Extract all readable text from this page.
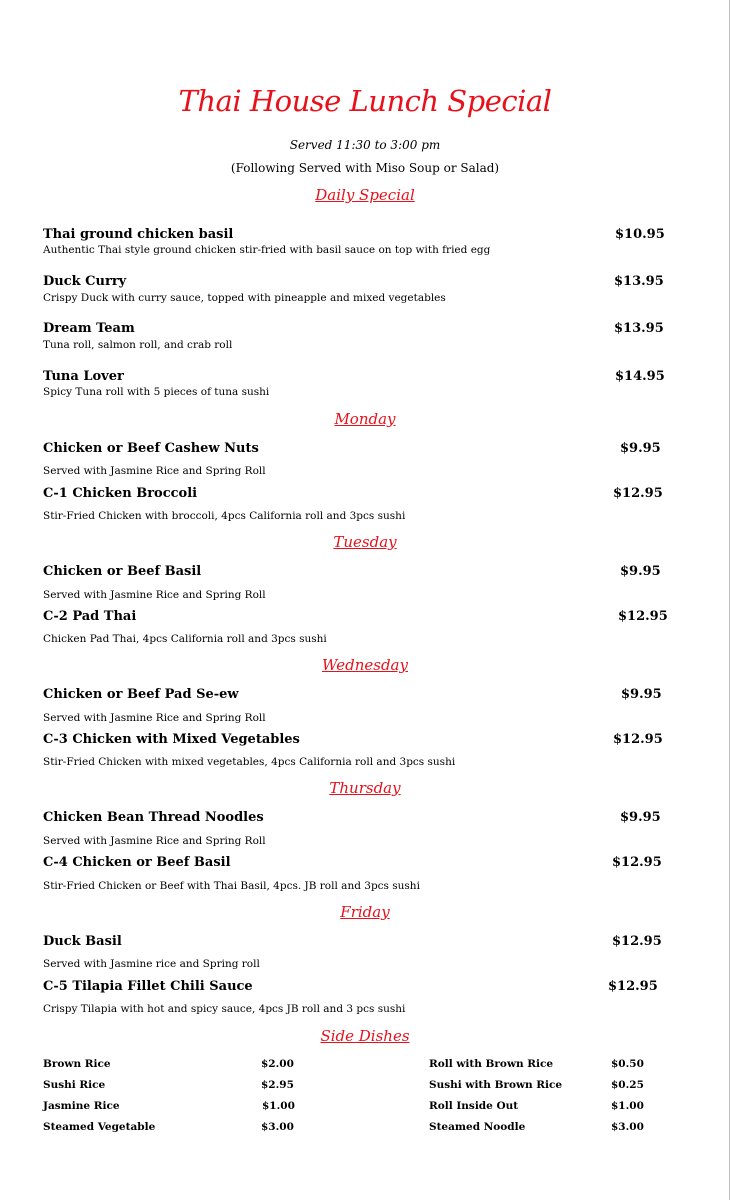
Thai House Lunch Special
Served 11:30 to 3:00 pm
(Following Served with Miso Soup or Salad)
Daily Special
Thai ground chicken basil	$10.95
Authentic Thai style ground chicken stir-fried with basil sauce on top with fried egg
Duck Curry	$13.95
Crispy Duck with curry sauce, topped with pineapple and mixed vegetables
Dream Team	$13.95
Tuna roll, salmon roll, and crab roll
Tuna Lover	$14.95
Spicy Tuna roll with 5 pieces of tuna sushi
Monday
Chicken or Beef Cashew Nuts	$9.95
Served with Jasmine Rice and Spring Roll
C-1 Chicken Broccoli	$12.95
Stir-Fried Chicken with broccoli, 4pcs California roll and 3pcs sushi
Tuesday
Chicken or Beef Basil	$9.95
Served with Jasmine Rice and Spring Roll
C-2 Pad Thai	$12.95
Chicken Pad Thai, 4pcs California roll and 3pcs sushi
Wednesday
Chicken or Beef Pad Se-ew	$9.95
Served with Jasmine Rice and Spring Roll
C-3 Chicken with Mixed Vegetables	$12.95
Stir-Fried Chicken with mixed vegetables, 4pcs California roll and 3pcs sushi
Thursday
Chicken Bean Thread Noodles	$9.95
Served with Jasmine Rice and Spring Roll
C-4 Chicken or Beef Basil	$12.95
Stir-Fried Chicken or Beef with Thai Basil, 4pcs. JB roll and 3pcs sushi
Friday
Duck Basil	$12.95
Served with Jasmine rice and Spring roll
C-5 Tilapia Fillet Chili Sauce	$12.95
Crispy Tilapia with hot and spicy sauce, 4pcs JB roll and 3 pcs sushi
Side Dishes
Brown Rice	$2.00
Sushi Rice	$2.95
Jasmine Rice	$1.00
Steamed Vegetable	$3.00
Roll with Brown Rice	$0.50
Sushi with Brown Rice	$0.25
Roll Inside Out	$1.00
Steamed Noodle	$3.00
